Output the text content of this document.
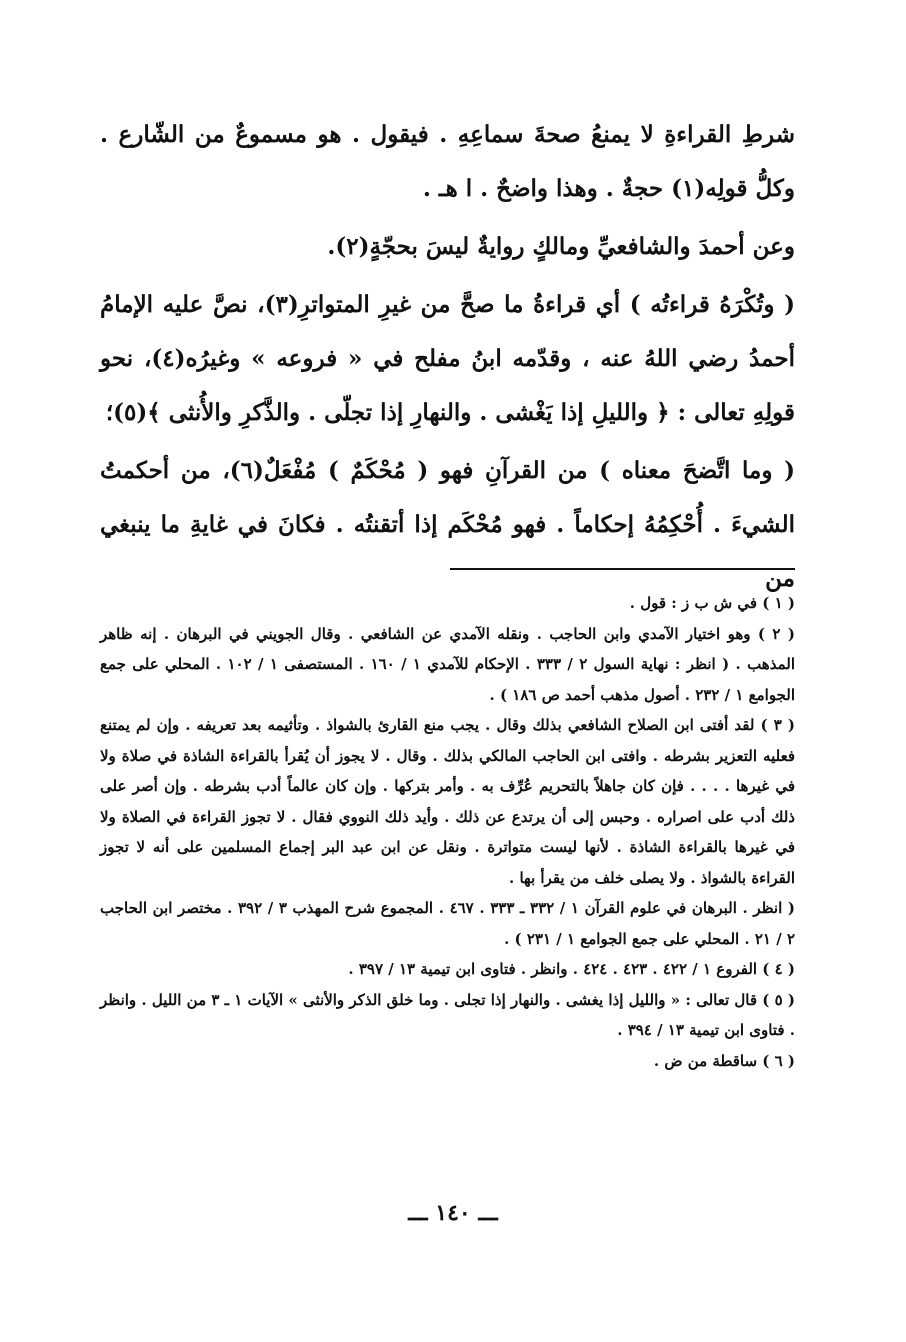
شرطِ القراءةِ لا يمنعُ صحةَ سماعِهِ . فيقول . هو مسموعٌ من الشّارع . وكلُّ قولِه(١) حجةٌ . وهذا واضحٌ . ا هـ .

وعن أحمدَ والشافعيِّ ومالكٍ روايةٌ ليسَ بحجّةٍ(٢).

( وتُكْرَهُ قراءتُه ) أي قراءةُ ما صحَّ من غيرِ المتواترِ(٣)، نصَّ عليه الإمامُ أحمدُ رضي اللهُ عنه ، وقدّمه ابنُ مفلح في « فروعه » وغيرُه(٤)، نحو قولِهِ تعالى : ﴿ والليلِ إذا يَغْشى . والنهارِ إذا تجلّى . والذَّكرِ والأُنثى ﴾(٥)؛

( وما اتَّضحَ معناه ) من القرآنِ فهو ( مُحْكَمٌ ) مُفْعَلٌ(٦)، من أحكمتُ الشيءَ . أُحْكِمُهُ إحكاماً . فهو مُحْكَم إذا أتقنتُه . فكانَ في غايةِ ما ينبغي من

( ١ ) في ش ب ز : قول .

( ٢ ) وهو اختيار الآمدي وابن الحاجب . ونقله الآمدي عن الشافعي . وقال الجويني في البرهان . إنه ظاهر المذهب . ( انظر : نهاية السول ٢ / ٣٣٣ . الإحكام للآمدي ١ / ١٦٠ . المستصفى ١ / ١٠٢ . المحلي على جمع الجوامع ١ / ٢٣٢ . أصول مذهب أحمد ص ١٨٦ ) .

( ٣ ) لقد أفتى ابن الصلاح الشافعي بذلك وقال . يجب منع القارئ بالشواذ . وتأثيمه بعد تعريفه . وإن لم يمتنع فعليه التعزير بشرطه . وافتى ابن الحاجب المالكي بذلك . وقال . لا يجوز أن يُقرأ بالقراءة الشاذة في صلاة ولا في غيرها . . . . فإن كان جاهلاً بالتحريم عُرِّف به . وأمر بتركها . وإن كان عالماً أدب بشرطه . وإن أصر على ذلك أدب على اصراره . وحبس إلى أن يرتدع عن ذلك . وأيد ذلك النووي فقال . لا تجوز القراءة في الصلاة ولا في غيرها بالقراءة الشاذة . لأنها ليست متواترة . ونقل عن ابن عبد البر إجماع المسلمين على أنه لا تجوز القراءة بالشواذ . ولا يصلى خلف من يقرأ بها .

( انظر . البرهان في علوم القرآن ١ / ٣٣٢ ـ ٣٣٣ . ٤٦٧ . المجموع شرح المهذب ٣ / ٣٩٢ . مختصر ابن الحاجب ٢ / ٢١ . المحلي على جمع الجوامع ١ / ٢٣١ ) .

( ٤ ) الفروع ١ / ٤٢٢ . ٤٢٣ . ٤٢٤ . وانظر . فتاوى ابن تيمية ١٣ / ٣٩٧ .

( ٥ ) قال تعالى : « والليل إذا يغشى . والنهار إذا تجلى . وما خلق الذكر والأنثى » الآيات ١ ـ ٣ من الليل . وانظر . فتاوى ابن تيمية ١٣ / ٣٩٤ .

( ٦ ) ساقطة من ض .

ـــ ١٤٠ ـــ
